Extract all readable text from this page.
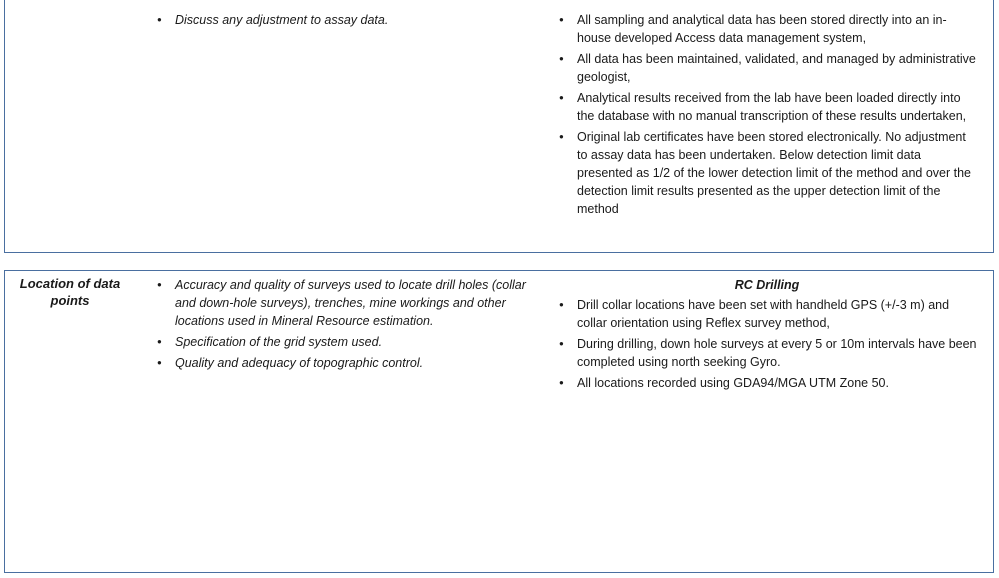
● Discuss any adjustment to assay data.
●	All sampling and analytical data has been stored directly into an in- house developed Access data management system,
● All data has been maintained, validated, and managed by administrative geologist,
● Analytical results received from the lab have been loaded directly into the database with no manual transcription of these results undertaken,
● Original lab certificates have been stored electronically. No adjustment to assay data has been undertaken. Below detection limit data presented as 1/2 of the lower detection limit of the method and over the detection limit results presented as the upper detection limit of the method
Location of data points
● Accuracy and quality of surveys used to locate drill holes (collar and down-hole surveys), trenches, mine workings and other locations used in Mineral Resource estimation.
● Specification of the grid system used.
● Quality and adequacy of topographic control.
RC Drilling
● Drill collar locations have been set with handheld GPS (+/-3 m) and collar orientation using Reflex survey method,
● During drilling, down hole surveys at every 5 or 10m intervals have been completed using north seeking Gyro.
● All locations recorded using GDA94/MGA UTM Zone 50.
